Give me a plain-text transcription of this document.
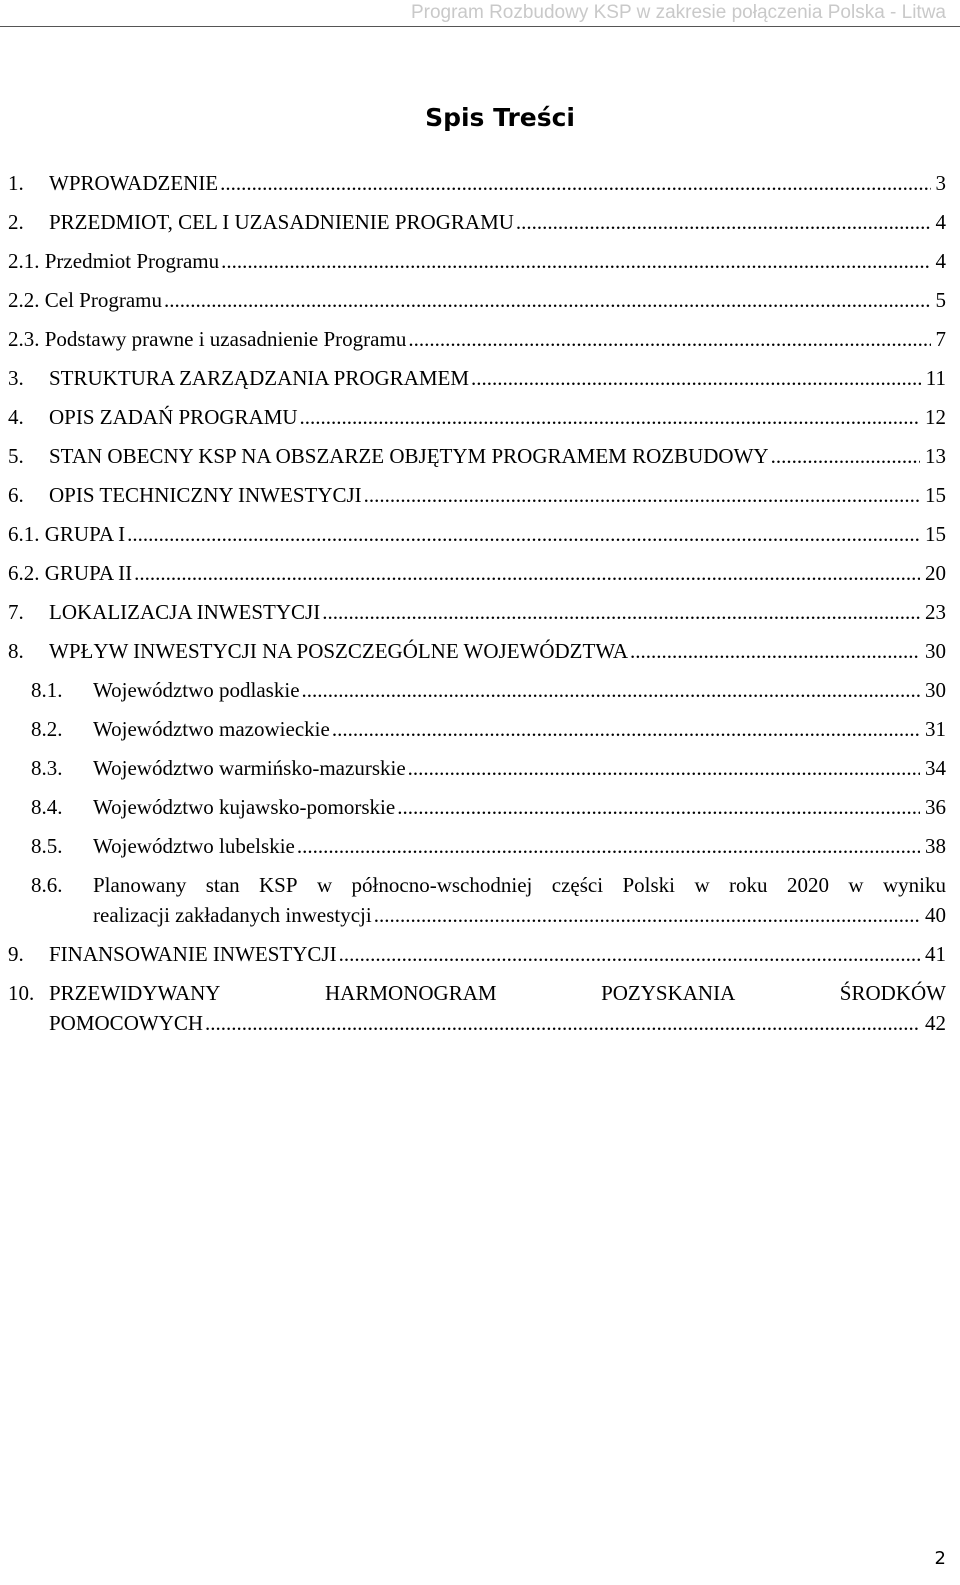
Program Rozbudowy KSP w zakresie połączenia Polska - Litwa
Spis Treści
1.	WPROWADZENIE .....	3
2.	PRZEDMIOT, CEL I UZASADNIENIE PROGRAMU .....	4
2.1. Przedmiot Programu .....	4
2.2. Cel Programu .....	5
2.3. Podstawy prawne i uzasadnienie Programu .....	7
3.	STRUKTURA ZARZĄDZANIA PROGRAMEM .....	11
4.	OPIS ZADAŃ PROGRAMU .....	12
5.	STAN OBECNY KSP NA OBSZARZE OBJĘTYM PROGRAMEM ROZBUDOWY .....	13
6.	OPIS TECHNICZNY INWESTYCJI .....	15
6.1. GRUPA I .....	15
6.2. GRUPA II .....	20
7.	LOKALIZACJA INWESTYCJI .....	23
8.	WPŁYW INWESTYCJI NA POSZCZEGÓLNE WOJEWÓDZTWA .....	30
8.1.	Województwo podlaskie .....	30
8.2.	Województwo mazowieckie .....	31
8.3.	Województwo warmińsko-mazurskie .....	34
8.4.	Województwo kujawsko-pomorskie .....	36
8.5.	Województwo lubelskie .....	38
8.6. Planowany stan KSP w północno-wschodniej części Polski w roku 2020 w wyniku
realizacji zakładanych inwestycji .....	40
9.	FINANSOWANIE INWESTYCJI .....	41
10. PRZEWIDYWANY	HARMONOGRAM	POZYSKANIA	ŚRODKÓW
POMOCOWYCH .....	42
2
